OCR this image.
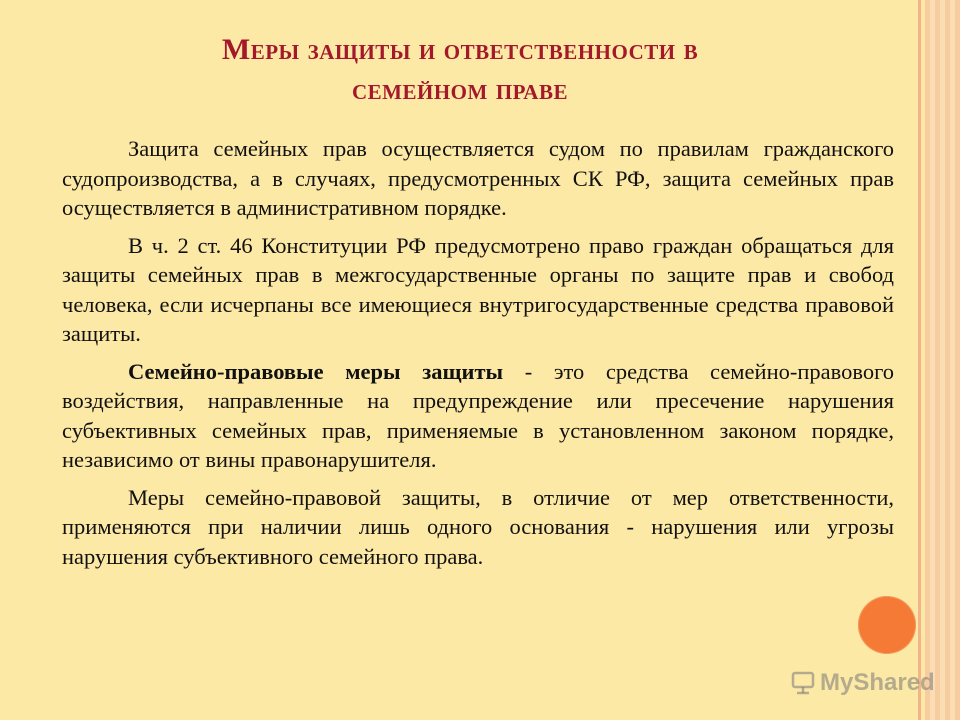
Меры защиты и ответственности в
семейном праве

Защита семейных прав осуществляется судом по правилам гражданского судопроизводства, а в случаях, предусмотренных СК РФ, защита семейных прав осуществляется в административном порядке.

В ч. 2 ст. 46 Конституции РФ предусмотрено право граждан обращаться для защиты семейных прав в межгосударственные органы по защите прав и свобод человека, если исчерпаны все имеющиеся внутригосударственные средства правовой защиты.

Семейно-правовые меры защиты - это средства семейно-правового воздействия, направленные на предупреждение или пресечение нарушения субъективных семейных прав, применяемые в установленном законом порядке, независимо от вины правонарушителя.

Меры семейно-правовой защиты, в отличие от мер ответственности, применяются при наличии лишь одного основания - нарушения или угрозы нарушения субъективного семейного права.

MyShared
